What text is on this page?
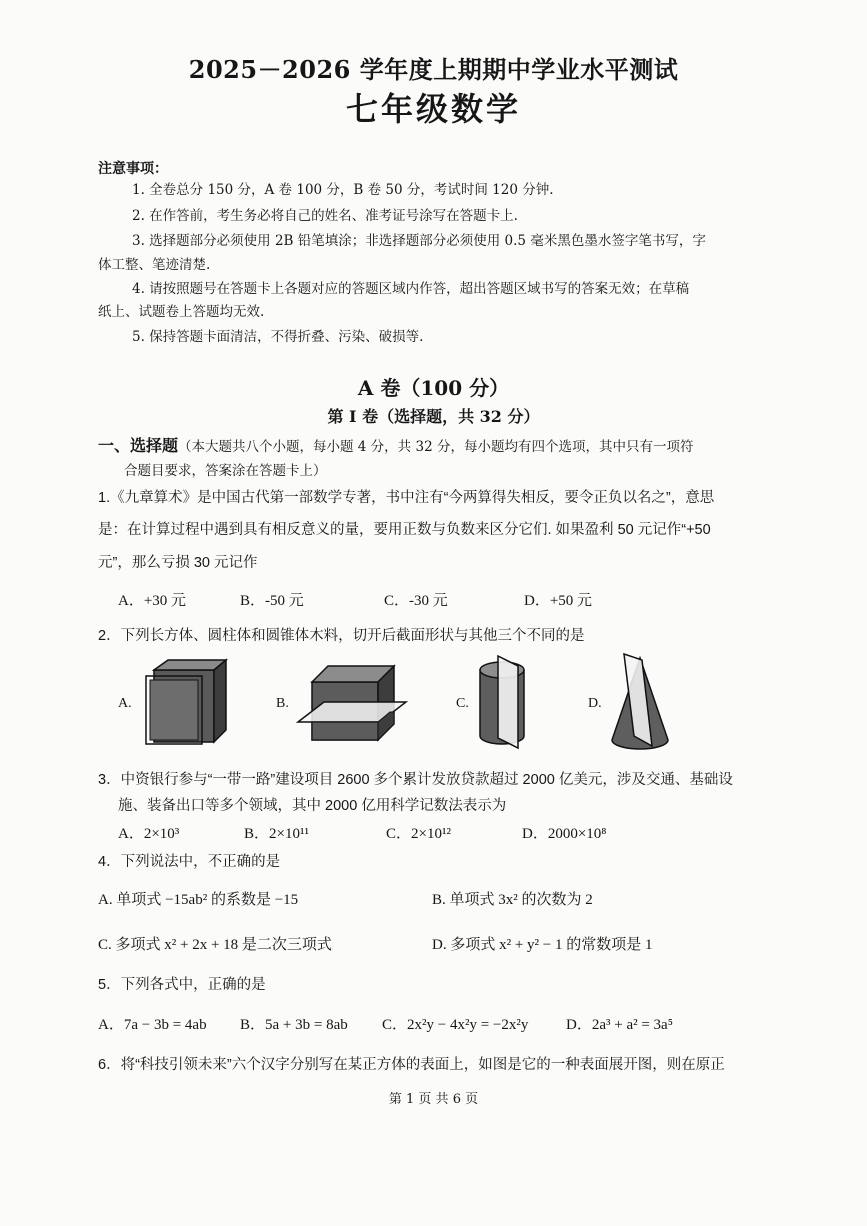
2025－2026 学年度上期期中学业水平测试
七年级数学
注意事项：
1. 全卷总分 150 分，A 卷 100 分，B 卷 50 分，考试时间 120 分钟.
2. 在作答前，考生务必将自己的姓名、准考证号涂写在答题卡上.
3. 选择题部分必须使用 2B 铅笔填涂；非选择题部分必须使用 0.5 毫米黑色墨水签字笔书写，字
体工整、笔迹清楚.
4. 请按照题号在答题卡上各题对应的答题区域内作答，超出答题区域书写的答案无效；在草稿
纸上、试题卷上答题均无效.
5. 保持答题卡面清洁，不得折叠、污染、破损等.
A 卷（100 分）
第 I 卷（选择题，共 32 分）
一、选择题（本大题共八个小题，每小题 4 分，共 32 分，每小题均有四个选项，其中只有一项符
合题目要求，答案涂在答题卡上）
1.《九章算术》是中国古代第一部数学专著，书中注有“今两算得失相反，要令正负以名之”，意思
是：在计算过程中遇到具有相反意义的量，要用正数与负数来区分它们. 如果盈利 50 元记作“+50
元”，那么亏损 30 元记作
A．+30 元	B．-50 元	C．-30 元	D．+50 元
2．下列长方体、圆柱体和圆锥体木料，切开后截面形状与其他三个不同的是
A.	B.	C.	D.
3．中资银行参与“一带一路”建设项目 2600 多个累计发放贷款超过 2000 亿美元，涉及交通、基础设
施、装备出口等多个领域，其中 2000 亿用科学记数法表示为
A．2×10³	B．2×10¹¹	C．2×10¹²	D．2000×10⁸
4．下列说法中，不正确的是
A. 单项式 −15ab² 的系数是 −15	B. 单项式 3x² 的次数为 2
C. 多项式 x² + 2x + 18 是二次三项式	D. 多项式 x² + y² − 1 的常数项是 1
5．下列各式中，正确的是
A．7a − 3b = 4ab B．5a + 3b = 8ab C．2x²y − 4x²y = −2x²y	D．2a³ + a² = 3a⁵
6．将“科技引领未来”六个汉字分别写在某正方体的表面上，如图是它的一种表面展开图，则在原正
第 1 页 共 6 页
